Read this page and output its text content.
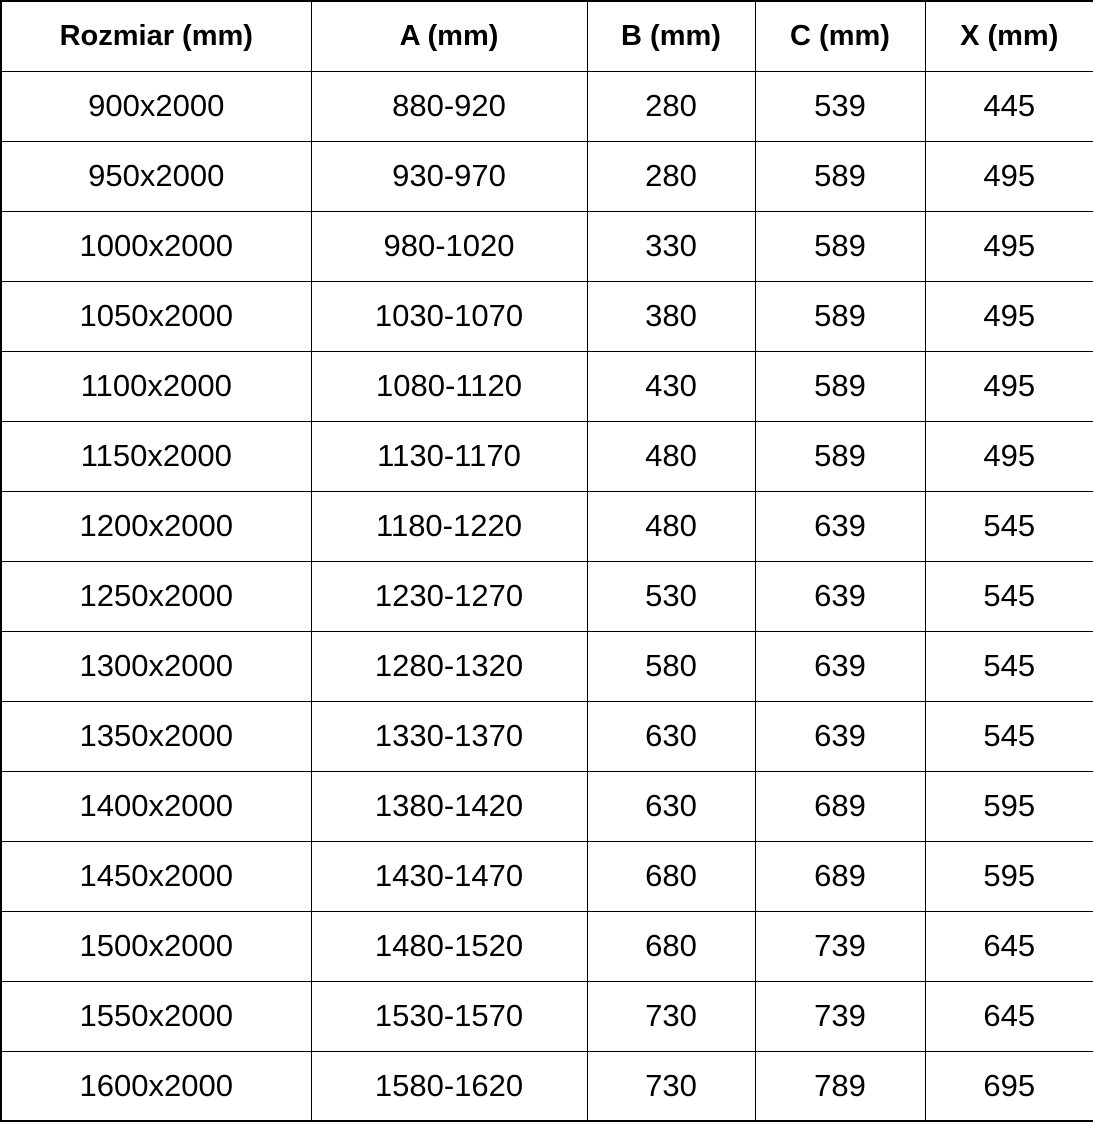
Rozmiar (mm)	A (mm)	B (mm)	C (mm)	X (mm)
900x2000	880-920	280	539	445
950x2000	930-970	280	589	495
1000x2000	980-1020	330	589	495
1050x2000	1030-1070	380	589	495
1100x2000	1080-1120	430	589	495
1150x2000	1130-1170	480	589	495
1200x2000	1180-1220	480	639	545
1250x2000	1230-1270	530	639	545
1300x2000	1280-1320	580	639	545
1350x2000	1330-1370	630	639	545
1400x2000	1380-1420	630	689	595
1450x2000	1430-1470	680	689	595
1500x2000	1480-1520	680	739	645
1550x2000	1530-1570	730	739	645
1600x2000	1580-1620	730	789	695
